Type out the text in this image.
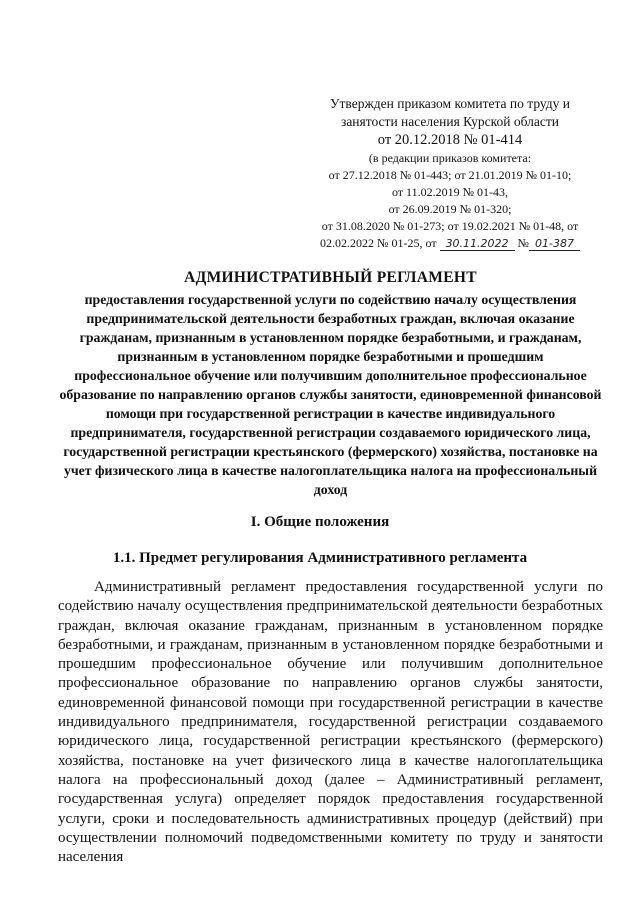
Утвержден приказом комитета по труду и
занятости населения Курской области
от 20.12.2018 № 01-414
(в редакции приказов комитета:
от 27.12.2018 № 01-443; от 21.01.2019 № 01-10;
от 11.02.2019 № 01-43,
от 26.09.2019 № 01-320;
от 31.08.2020 № 01-273; от 19.02.2021 № 01-48, от
02.02.2022 № 01-25, от 30.11.2022 № 01-387
АДМИНИСТРАТИВНЫЙ РЕГЛАМЕНТ
предоставления государственной услуги по содействию началу осуществления предпринимательской деятельности безработных граждан, включая оказание гражданам, признанным в установленном порядке безработными, и гражданам, признанным в установленном порядке безработными и прошедшим профессиональное обучение или получившим дополнительное профессиональное образование по направлению органов службы занятости, единовременной финансовой помощи при государственной регистрации в качестве индивидуального предпринимателя, государственной регистрации создаваемого юридического лица, государственной регистрации крестьянского (фермерского) хозяйства, постановке на учет физического лица в качестве налогоплательщика налога на профессиональный доход
I. Общие положения
1.1. Предмет регулирования Административного регламента

Административный регламент предоставления государственной услуги по содействию началу осуществления предпринимательской деятельности безработных граждан, включая оказание гражданам, признанным в установленном порядке безработными, и гражданам, признанным в установленном порядке безработными и прошедшим профессиональное обучение или получившим дополнительное профессиональное образование по направлению органов службы занятости, единовременной финансовой помощи при государственной регистрации в качестве индивидуального предпринимателя, государственной регистрации создаваемого юридического лица, государственной регистрации крестьянского (фермерского) хозяйства, постановке на учет физического лица в качестве налогоплательщика налога на профессиональный доход (далее – Административный регламент, государственная услуга) определяет порядок предоставления государственной услуги, сроки и последовательность административных процедур (действий) при осуществлении полномочий подведомственными комитету по труду и занятости населения
